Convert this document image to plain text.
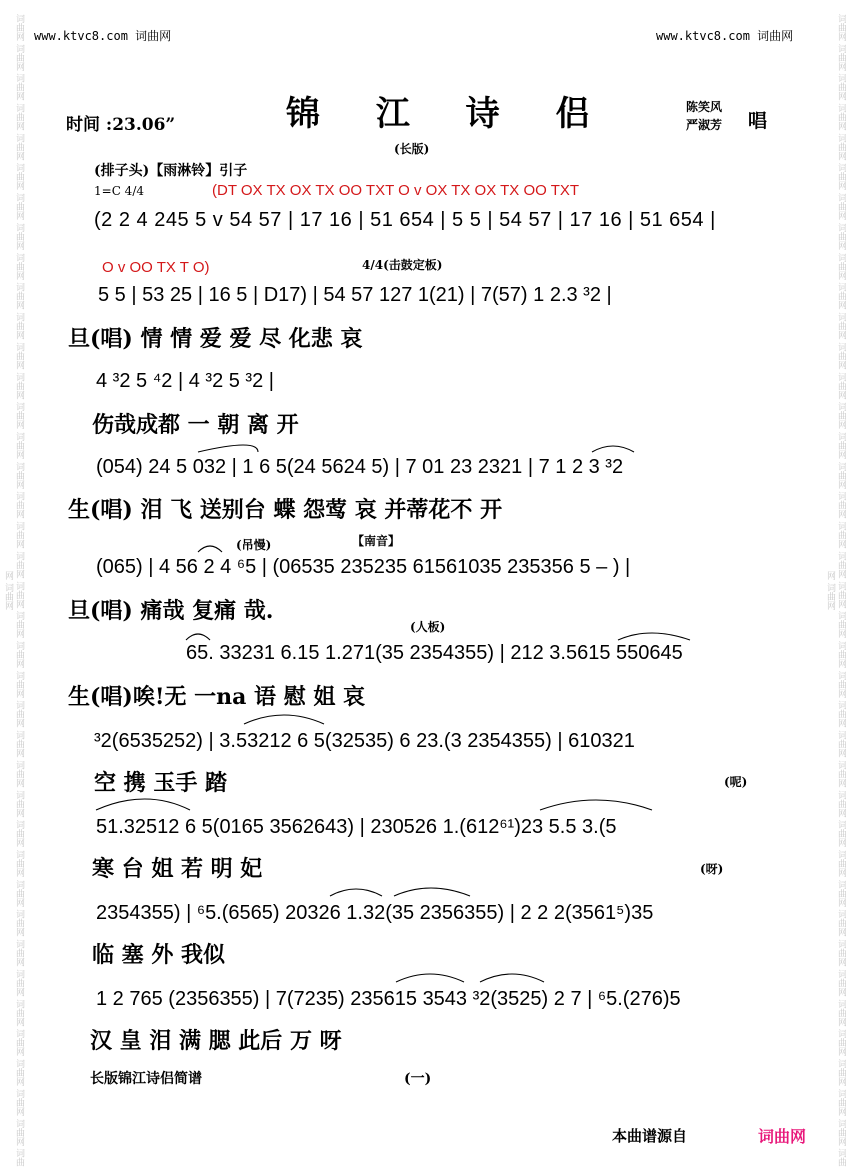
词曲网 词曲网 词曲网 词曲网 词曲网 词曲网 词曲网 词曲网 词曲网 词曲网 词曲网 词曲网 词曲网 词曲网 词曲网 词曲网 词曲网 词曲网 词曲网 词曲网 词曲网 词曲网 词曲网 词曲网 词曲网 词曲网 词曲网 词曲网 词曲网 词曲网 词曲网 词曲网 词曲网 词曲网 词曲网 词曲网 词曲网 词曲网 词曲网 词曲网	词曲网 词曲网 词曲网 词曲网 词曲网 词曲网 词曲网 词曲网 词曲网 词曲网 词曲网 词曲网 词曲网 词曲网 词曲网 词曲网 词曲网 词曲网 词曲网 词曲网 词曲网 词曲网 词曲网 词曲网 词曲网 词曲网 词曲网 词曲网 词曲网 词曲网 词曲网 词曲网 词曲网 词曲网 词曲网 词曲网 词曲网 词曲网 词曲网 词曲网
www.ktvc8.com 词曲网	www.ktvc8.com 词曲网
时间 :23.06”	锦 江 诗 侣	陈笑风
严淑芳 唱
(长版)
(排子头)【雨淋铃】引子
1=C 4/4
4/4(击鼓定板)
(吊慢)	【南音】
(人板)
(DT OX TX OX TX OO TXT O v OX TX OX TX OO TXT
(2 2 4 245 5 v 54 57 | 17 16 | 51 654 | 5 5 | 54 57 | 17 16 | 51 654 |
O v OO TX T O)
5 5 | 53 25 | 16 5 | D17) | 54 57 127 1(21) | 7(57) 1 2.3 ³2 |
旦(唱) 情 情 爱 爱 尽 化悲 哀
4 ³2 5 ⁴2 | 4 ³2 5 ³2 |
伤哉成都 一 朝 离 开
(054) 24 5 032 | 1 6 5(24 5624 5) | 7 01 23 2321 | 7 1 2 3 ³2
生(唱) 泪 飞 送别台 蝶 怨莺 哀 并蒂花不 开
(065) | 4 56 2 4 ⁶5 | (06535 235235 61561035 235356 5 – ) |
旦(唱) 痛哉 复痛 哉.
65. 33231 6.15 1.271(35 2354355) | 212 3.5615 550645
生(唱)唉!无 一na 语 慰 姐 哀
³2(6535252) | 3.53212 6 5(32535) 6 23.(3 2354355) | 610321
空 携 玉手 踏	(呢)
51.32512 6 5(0165 3562643) | 230526 1.(612⁶¹)23 5.5 3.(5
寒 台 姐 若 明 妃	(呀)
2354355) | ⁶5.(6565) 20326 1.32(35 2356355) | 2 2 2(3561⁵)35
临 塞 外 我似
1 2 765 (2356355) | 7(7235) 235615 3543 ³2(3525) 2 7 | ⁶5.(276)5
汉 皇 泪 满 腮 此后 万 呀
长版锦江诗侣简谱	(一)
本曲谱源自	词曲网
